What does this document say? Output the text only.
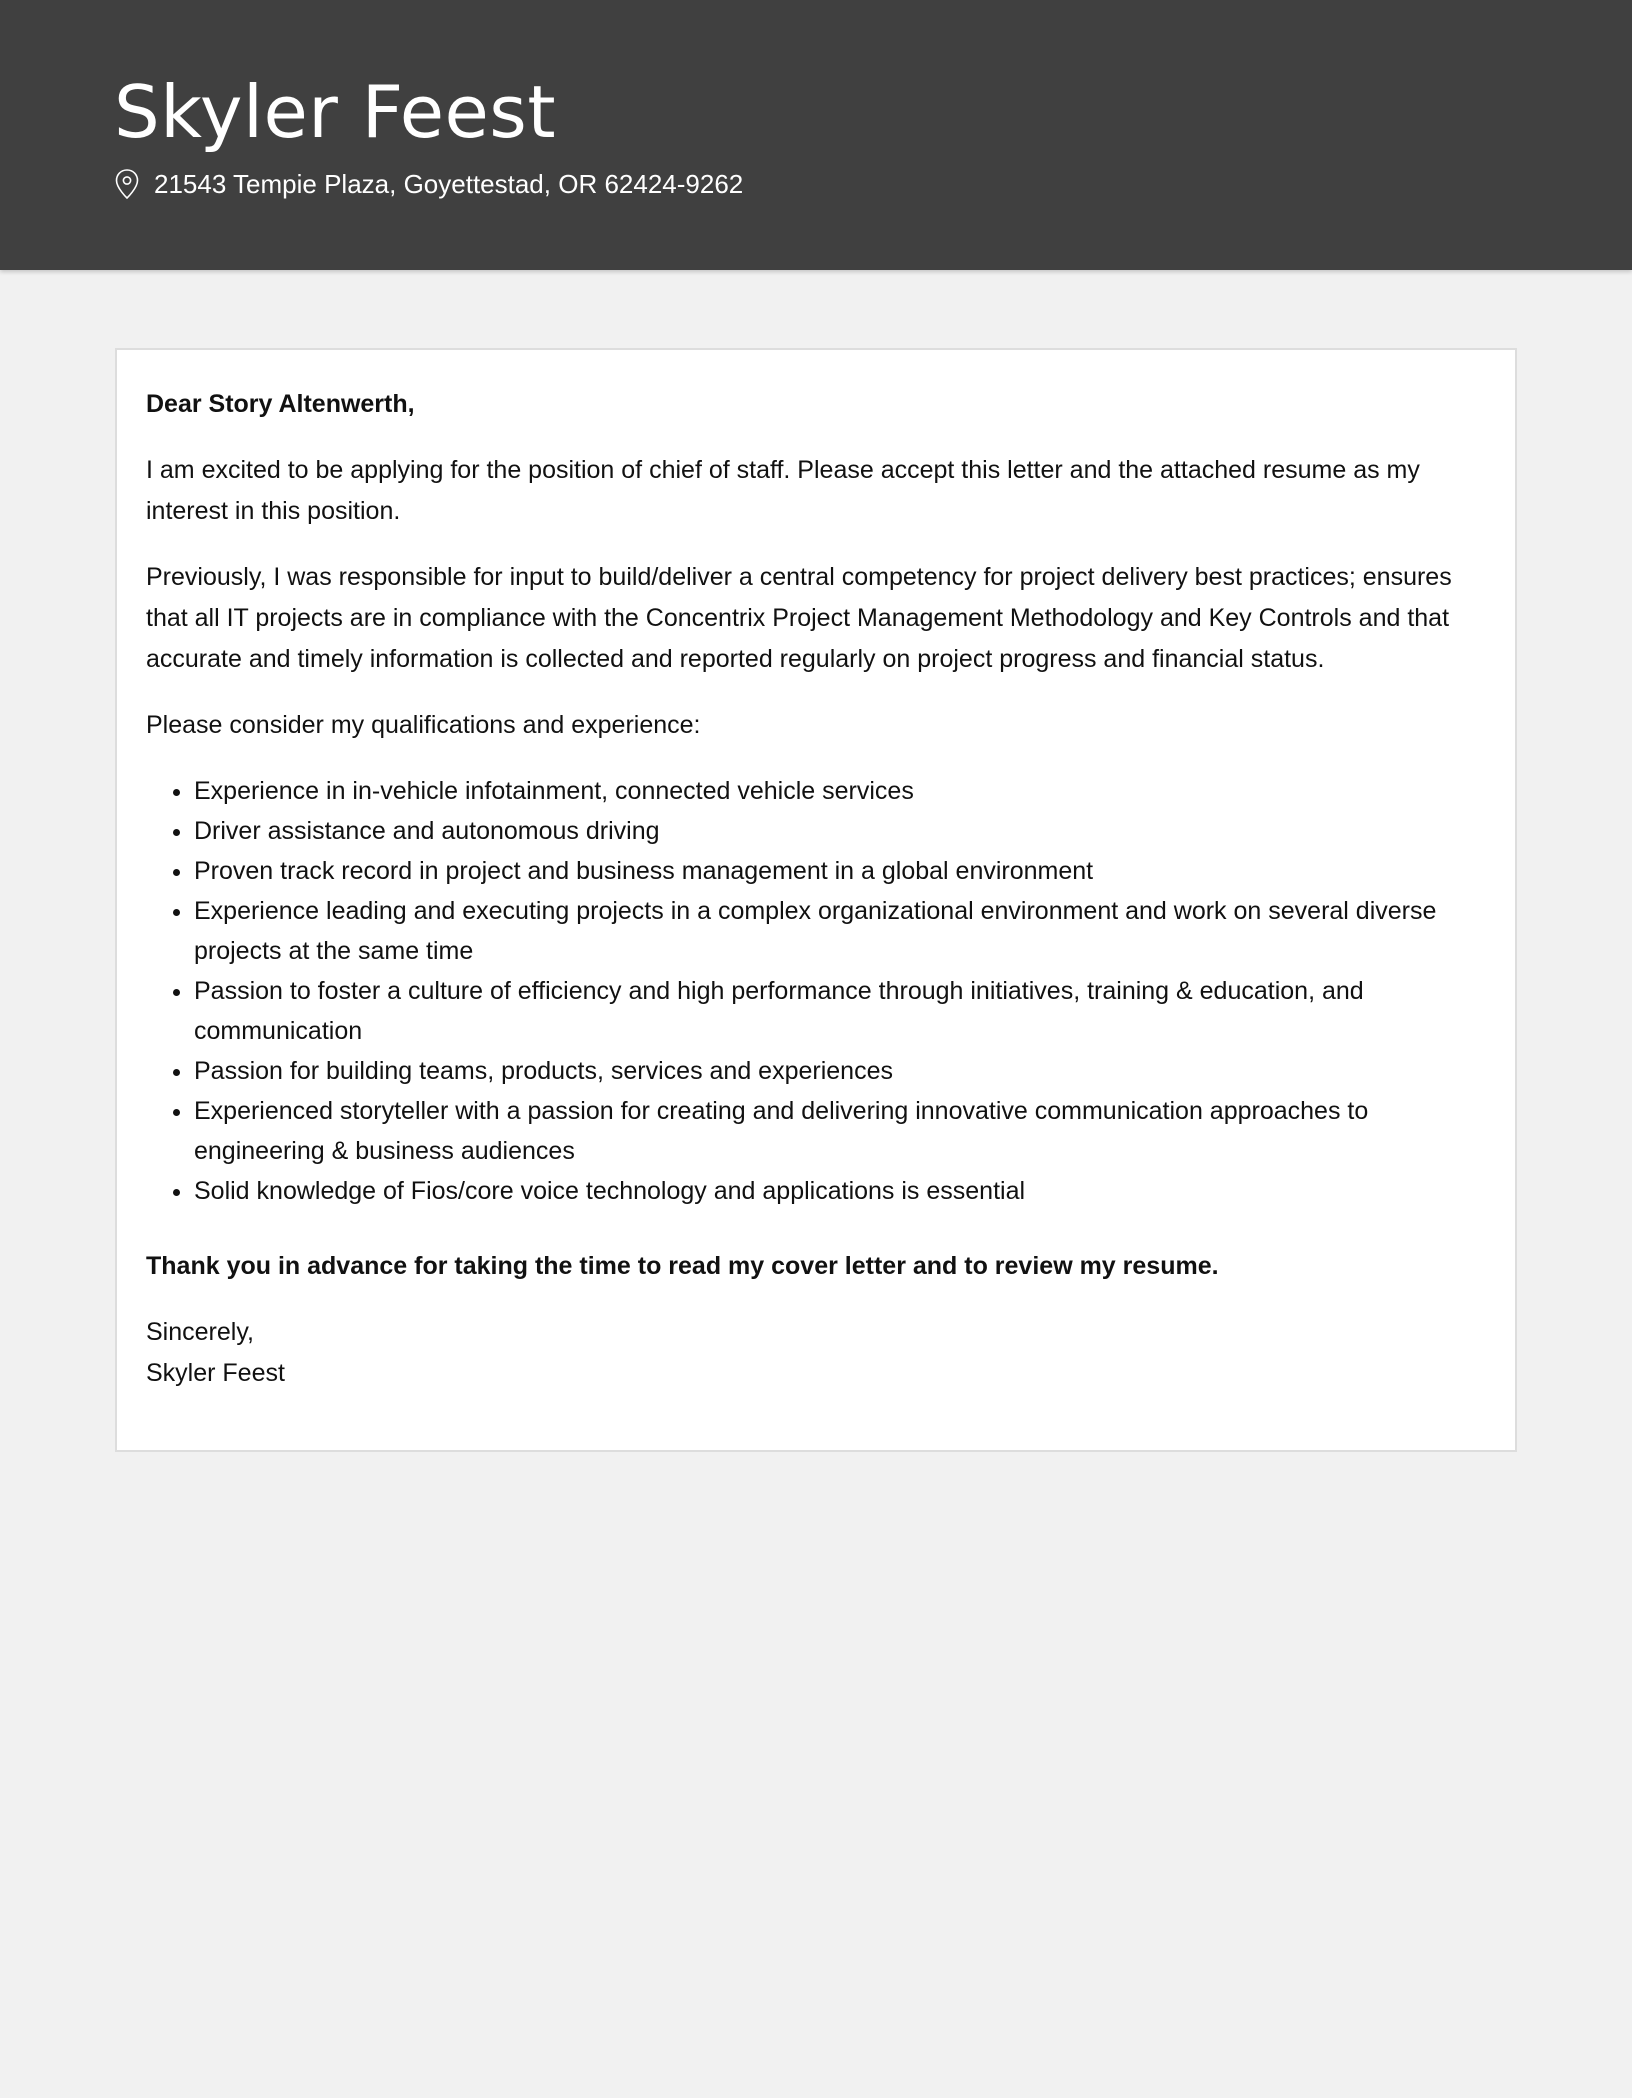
Skyler Feest
21543 Tempie Plaza, Goyettestad, OR 62424-9262

Dear Story Altenwerth,

I am excited to be applying for the position of chief of staff. Please accept this letter and the attached resume as my interest in this position.

Previously, I was responsible for input to build/deliver a central competency for project delivery best practices; ensures that all IT projects are in compliance with the Concentrix Project Management Methodology and Key Controls and that accurate and timely information is collected and reported regularly on project progress and financial status.

Please consider my qualifications and experience:

• Experience in in-vehicle infotainment, connected vehicle services
• Driver assistance and autonomous driving
• Proven track record in project and business management in a global environment
• Experience leading and executing projects in a complex organizational environment and work on several diverse projects at the same time
• Passion to foster a culture of efficiency and high performance through initiatives, training & education, and communication
• Passion for building teams, products, services and experiences
• Experienced storyteller with a passion for creating and delivering innovative communication approaches to engineering & business audiences
• Solid knowledge of Fios/core voice technology and applications is essential

Thank you in advance for taking the time to read my cover letter and to review my resume.

Sincerely,
Skyler Feest
